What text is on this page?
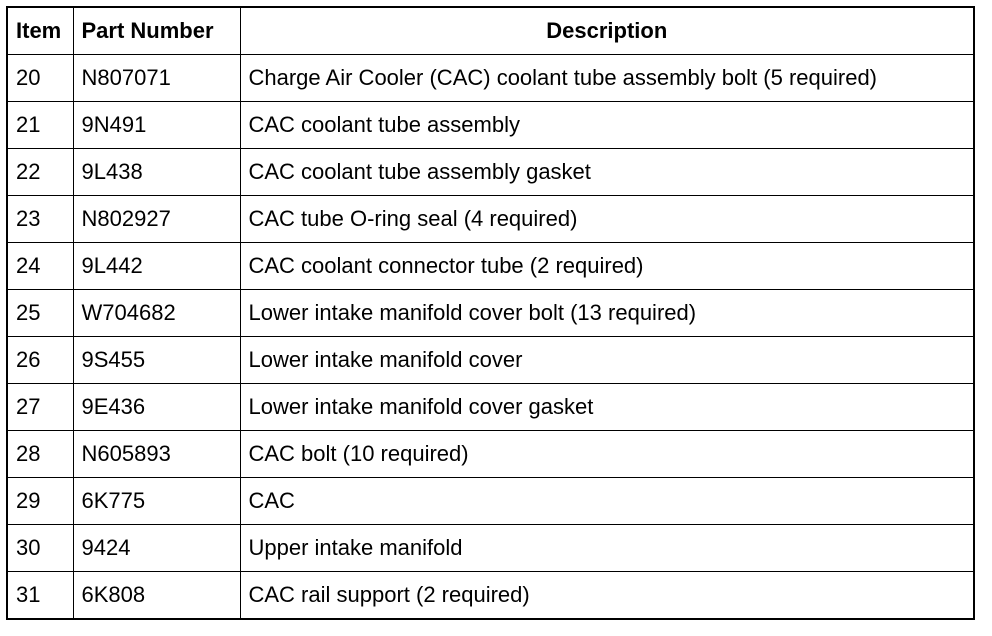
Item	Part Number	Description
20	N807071	Charge Air Cooler (CAC) coolant tube assembly bolt (5 required)
21	9N491	CAC coolant tube assembly
22	9L438	CAC coolant tube assembly gasket
23	N802927	CAC tube O-ring seal (4 required)
24	9L442	CAC coolant connector tube (2 required)
25	W704682	Lower intake manifold cover bolt (13 required)
26	9S455	Lower intake manifold cover
27	9E436	Lower intake manifold cover gasket
28	N605893	CAC bolt (10 required)
29	6K775	CAC
30	9424	Upper intake manifold
31	6K808	CAC rail support (2 required)
